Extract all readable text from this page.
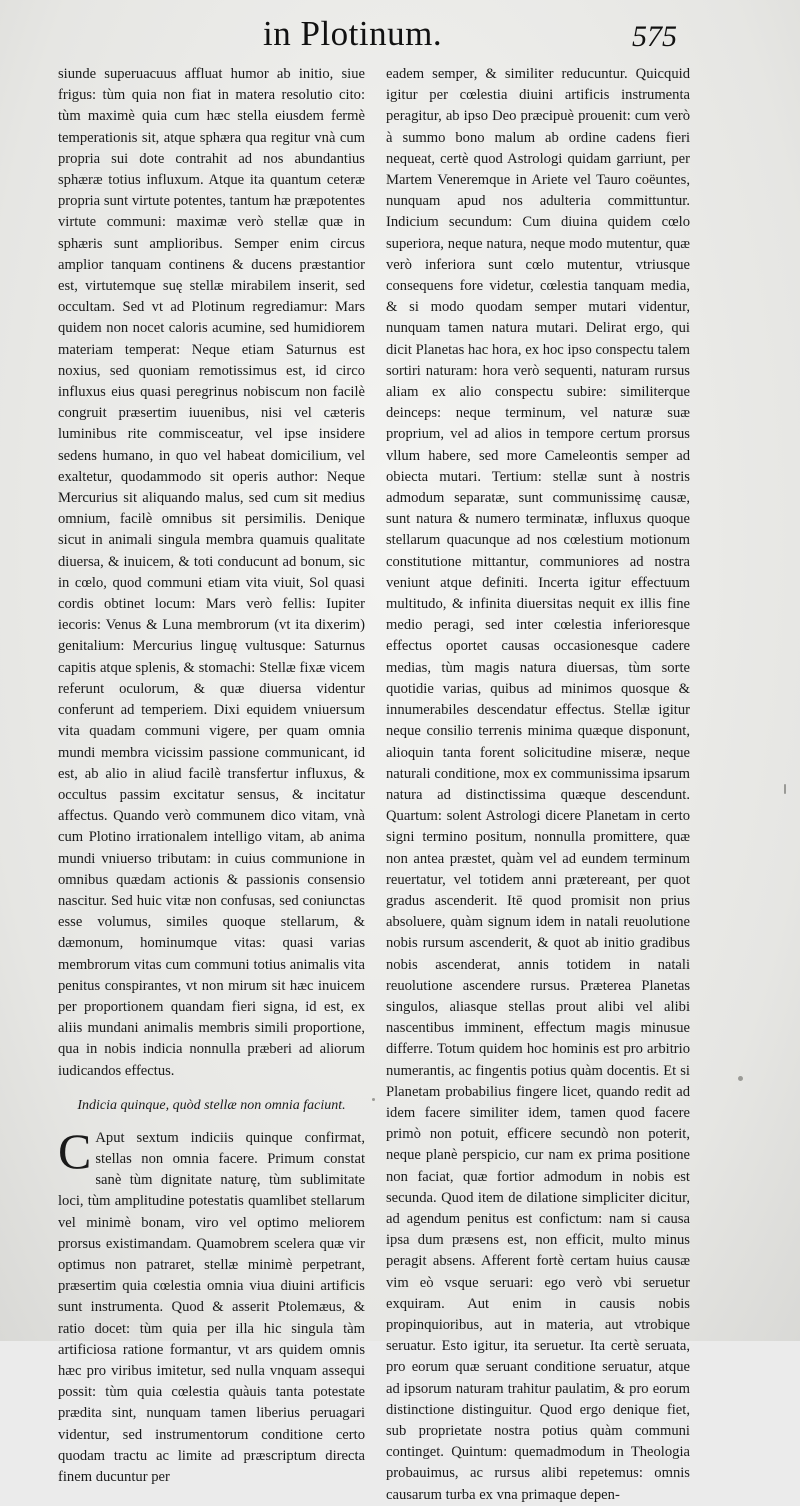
in Plotinum.	575

siunde superuacuus affluat humor ab initio, siue frigus: tùm quia non fiat in matera resolutio cito: tùm maximè quia cum hæc stella eiusdem fermè temperationis sit, atque sphæra qua regitur vnà cum propria sui dote contrahit ad nos abundantius sphæræ totius influxum. Atque ita quantum ceteræ propria sunt virtute potentes, tantum hæ præpotentes virtute communi: maximæ verò stellæ quæ in sphæris sunt amplioribus. Semper enim circus amplior tanquam continens & ducens præstantior est, virtutemque suę stellæ mirabilem inserit, sed occultam. Sed vt ad Plotinum regrediamur: Mars quidem non nocet caloris acumine, sed humidiorem materiam temperat: Neque etiam Saturnus est noxius, sed quoniam remotissimus est, id circo influxus eius quasi peregrinus nobiscum non facilè congruit præsertim iuuenibus, nisi vel cæteris luminibus rite commisceatur, vel ipse insidere sedens humano, in quo vel habeat domicilium, vel exaltetur, quodammodo sit operis author: Neque Mercurius sit aliquando malus, sed cum sit medius omnium, facilè omnibus sit persimilis. Denique sicut in animali singula membra quamuis qualitate diuersa, & inuicem, & toti conducunt ad bonum, sic in cœlo, quod communi etiam vita viuit, Sol quasi cordis obtinet locum: Mars verò fellis: Iupiter iecoris: Venus & Luna membrorum (vt ita dixerim) genitalium: Mercurius linguę vultusque: Saturnus capitis atque splenis, & stomachi: Stellæ fixæ vicem referunt oculorum, & quæ diuersa videntur conferunt ad temperiem. Dixi equidem vniuersum vita quadam communi vigere, per quam omnia mundi membra vicissim passione communicant, id est, ab alio in aliud facilè transfertur influxus, & occultus passim excitatur sensus, & incitatur affectus. Quando verò communem dico vitam, vnà cum Plotino irrationalem intelligo vitam, ab anima mundi vniuerso tributam: in cuius communione in omnibus quædam actionis & passionis consensio nascitur. Sed huic vitæ non confusas, sed coniunctas esse volumus, similes quoque stellarum, & dæmonum, hominumque vitas: quasi varias membrorum vitas cum communi totius animalis vita penitus conspirantes, vt non mirum sit hæc inuicem per proportionem quandam fieri signa, id est, ex aliis mundani animalis membris simili proportione, qua in nobis indicia nonnulla præberi ad aliorum iudicandos effectus.

Indicia quinque, quòd stellæ non omnia faciunt.

CAput sextum indiciis quinque confirmat, stellas non omnia facere. Primum constat sanè tùm dignitate naturę, tùm sublimitate loci, tùm amplitudine potestatis quamlibet stellarum vel minimè bonam, viro vel optimo meliorem prorsus existimandam. Quamobrem scelera quæ vir optimus non patraret, stellæ minimè perpetrant, præsertim quia cœlestia omnia viua diuini artificis sunt instrumenta. Quod & asserit Ptolemæus, & ratio docet: tùm quia per illa hic singula tàm artificiosa ratione formantur, vt ars quidem omnis hæc pro viribus imitetur, sed nulla vnquam assequi possit: tùm quia cœlestia quàuis tanta potestate prædita sint, nunquam tamen liberius peruagari videntur, sed instrumentorum conditione certo quodam tractu ac limite ad præscriptum directa finem ducuntur per

eadem semper, & similiter reducuntur. Quicquid igitur per cœlestia diuini artificis instrumenta peragitur, ab ipso Deo præcipuè prouenit: cum verò à summo bono malum ab ordine cadens fieri nequeat, certè quod Astrologi quidam garriunt, per Martem Veneremque in Ariete vel Tauro coëuntes, nunquam apud nos adulteria committuntur. Indicium secundum: Cum diuina quidem cœlo superiora, neque natura, neque modo mutentur, quæ verò inferiora sunt cœlo mutentur, vtriusque consequens fore videtur, cœlestia tanquam media, & si modo quodam semper mutari videntur, nunquam tamen natura mutari. Delirat ergo, qui dicit Planetas hac hora, ex hoc ipso conspectu talem sortiri naturam: hora verò sequenti, naturam rursus aliam ex alio conspectu subire: similiterque deinceps: neque terminum, vel naturæ suæ proprium, vel ad alios in tempore certum prorsus vllum habere, sed more Cameleontis semper ad obiecta mutari. Tertium: stellæ sunt à nostris admodum separatæ, sunt communissimę causæ, sunt natura & numero terminatæ, influxus quoque stellarum quacunque ad nos cœlestium motionum constitutione mittantur, communiores ad nostra veniunt atque definiti. Incerta igitur effectuum multitudo, & infinita diuersitas nequit ex illis fine medio peragi, sed inter cœlestia inferioresque effectus oportet causas occasionesque cadere medias, tùm magis natura diuersas, tùm sorte quotidie varias, quibus ad minimos quosque & innumerabiles descendatur effectus. Stellæ igitur neque consilio terrenis minima quæque disponunt, alioquin tanta forent solicitudine miseræ, neque naturali conditione, mox ex communissima ipsarum natura ad distinctissima quæque descendunt. Quartum: solent Astrologi dicere Planetam in certo signi termino positum, nonnulla promittere, quæ non antea præstet, quàm vel ad eundem terminum reuertatur, vel totidem anni prætereant, per quot gradus ascenderit. Itē quod promisit non prius absoluere, quàm signum idem in natali reuolutione nobis rursum ascenderit, & quot ab initio gradibus nobis ascenderat, annis totidem in natali reuolutione ascendere rursus. Præterea Planetas singulos, aliasque stellas prout alibi vel alibi nascentibus imminent, effectum magis minusue differre. Totum quidem hoc hominis est pro arbitrio numerantis, ac fingentis potius quàm docentis. Et si Planetam probabilius fingere licet, quando redit ad idem facere similiter idem, tamen quod facere primò non potuit, efficere secundò non poterit, neque planè perspicio, cur nam ex prima positione non faciat, quæ fortior admodum in nobis est secunda. Quod item de dilatione simpliciter dicitur, ad agendum penitus est confictum: nam si causa ipsa dum præsens est, non efficit, multo minus peragit absens. Afferent fortè certam huius causæ vim eò vsque seruari: ego verò vbi seruetur exquiram. Aut enim in causis nobis propinquioribus, aut in materia, aut vtrobique seruatur. Esto igitur, ita seruetur. Ita certè seruata, pro eorum quæ seruant conditione seruatur, atque ad ipsorum naturam trahitur paulatim, & pro eorum distinctione distinguitur. Quod ergo denique fiet, sub proprietate nostra potius quàm communi continget. Quintum: quemadmodum in Theologia probauimus, ac rursus alibi repetemus: omnis causarum turba ex vna primaque depen-
